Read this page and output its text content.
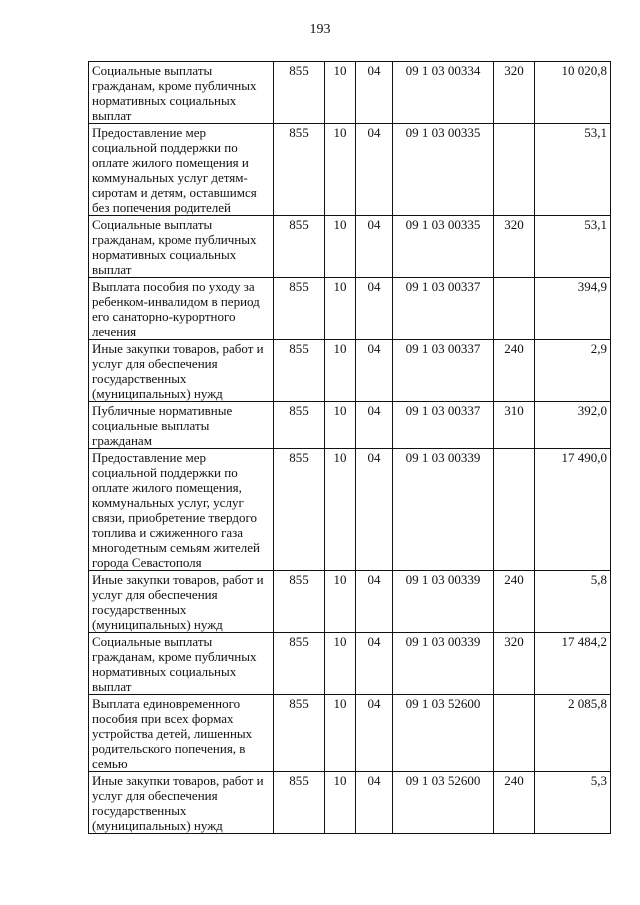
193
Социальные выплаты гражданам, кроме публичных нормативных социальных выплат	855	10	04	09 1 03 00334	320	10 020,8
Предоставление мер социальной поддержки по оплате жилого помещения и коммунальных услуг детям-сиротам и детям, оставшимся без попечения родителей	855	10	04	09 1 03 00335		53,1
Социальные выплаты гражданам, кроме публичных нормативных социальных выплат	855	10	04	09 1 03 00335	320	53,1
Выплата пособия по уходу за ребенком-инвалидом в период его санаторно-курортного лечения	855	10	04	09 1 03 00337		394,9
Иные закупки товаров, работ и услуг для обеспечения государственных (муниципальных) нужд	855	10	04	09 1 03 00337	240	2,9
Публичные нормативные социальные выплаты гражданам	855	10	04	09 1 03 00337	310	392,0
Предоставление мер социальной поддержки по оплате жилого помещения, коммунальных услуг, услуг связи, приобретение твердого топлива и сжиженного газа многодетным семьям жителей города Севастополя	855	10	04	09 1 03 00339		17 490,0
Иные закупки товаров, работ и услуг для обеспечения государственных (муниципальных) нужд	855	10	04	09 1 03 00339	240	5,8
Социальные выплаты гражданам, кроме публичных нормативных социальных выплат	855	10	04	09 1 03 00339	320	17 484,2
Выплата единовременного пособия при всех формах устройства детей, лишенных родительского попечения, в семью	855	10	04	09 1 03 52600		2 085,8
Иные закупки товаров, работ и услуг для обеспечения государственных (муниципальных) нужд	855	10	04	09 1 03 52600	240	5,3
